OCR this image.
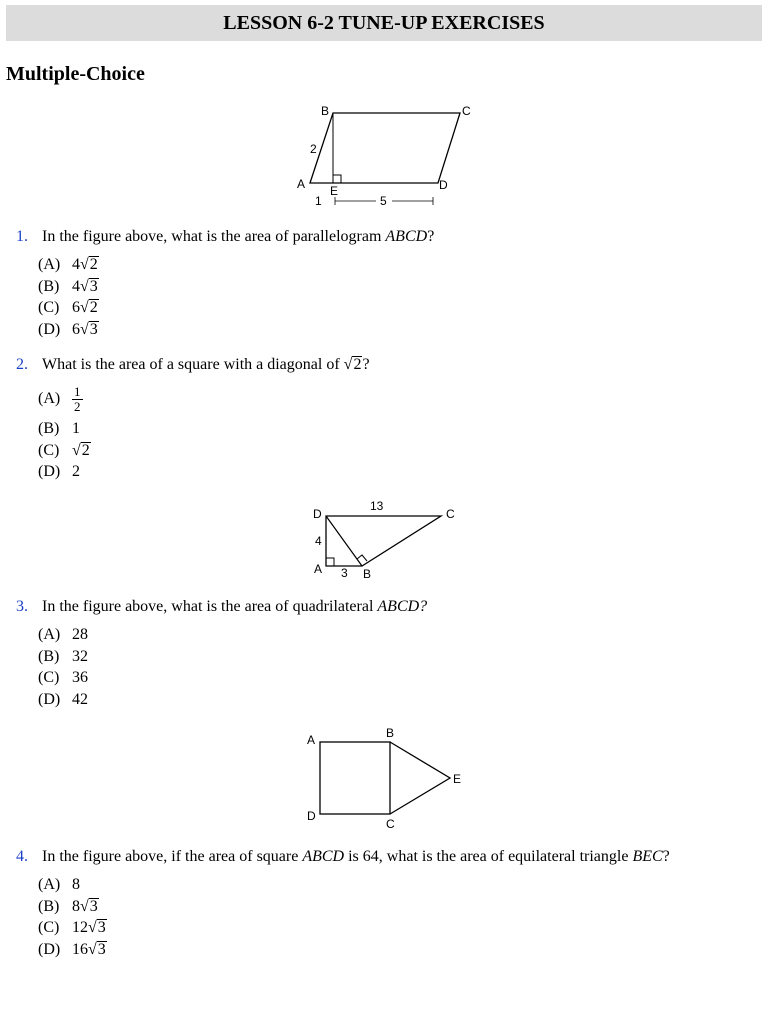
LESSON 6-2 TUNE-UP EXERCISES
Multiple-Choice
B	C
A	D
E
2
1	5
1. In the figure above, what is the area of parallelogram ABCD?
(A) 4√2
(B) 4√3
(C) 6√2
(D) 6√3
2. What is the area of a square with a diagonal of √2?
$(A) \frac{1}{2}$
(B) 1
(C) √2
(D) 2
D	C
A	B
13
4
3
3. In the figure above, what is the area of quadrilateral ABCD?
(A) 28
(B) 32
(C) 36
(D) 42
A	B
E
D
C
4. In the figure above, if the area of square ABCD is 64, what is the area of equilateral triangle BEC?
(A) 8
(B) 8√3
(C) 12√3
(D) 16√3
